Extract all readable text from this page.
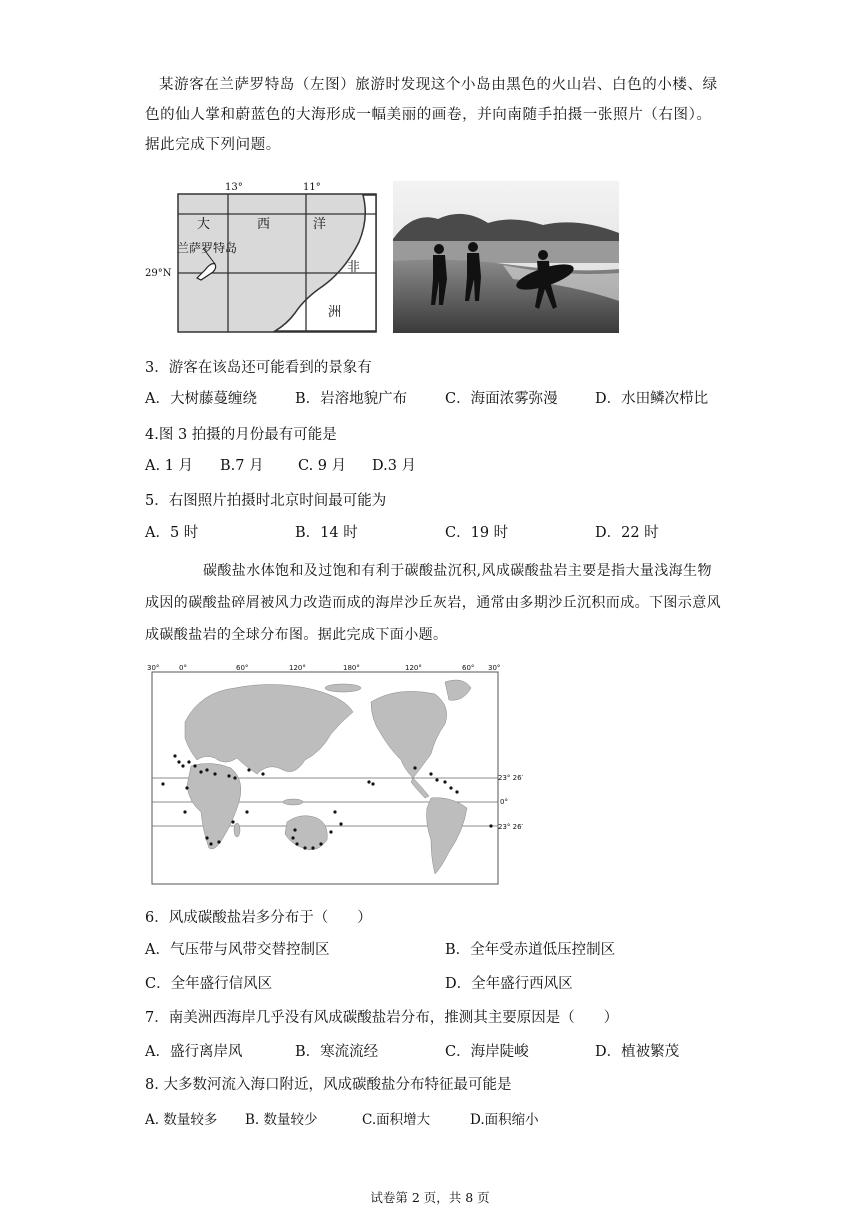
某游客在兰萨罗特岛（左图）旅游时发现这个小岛由黑色的火山岩、白色的小楼、绿色的仙人掌和蔚蓝色的大海形成一幅美丽的画卷，并向南随手拍摄一张照片（右图）。据此完成下列问题。

13°	11°
29°N
大	西	洋
兰萨罗特岛
非
洲
3．游客在该岛还可能看到的景象有
A．大树藤蔓缠绕	B．岩溶地貌广布	C．海面浓雾弥漫	D．水田鳞次栉比
4.图 3 拍摄的月份最有可能是
A. 1 月 B.7 月 C. 9 月 D.3 月
5．右图照片拍摄时北京时间最可能为
A．5 时	B．14 时	C．19 时	D．22 时

碳酸盐水体饱和及过饱和有利于碳酸盐沉积,风成碳酸盐岩主要是指大量浅海生物成因的碳酸盐碎屑被风力改造而成的海岸沙丘灰岩，通常由多期沙丘沉积而成。下图示意风成碳酸盐岩的全球分布图。据此完成下面小题。

30°	0°	60°	120°	180°	120°	60° 30°
23° 26′
0°
23° 26′
6．风成碳酸盐岩多分布于（　　）
A．气压带与风带交替控制区	B．全年受赤道低压控制区
C．全年盛行信风区	D．全年盛行西风区
7．南美洲西海岸几乎没有风成碳酸盐岩分布，推测其主要原因是（　　）
A．盛行离岸风	B．寒流流经	C．海岸陡峻	D．植被繁茂
8. 大多数河流入海口附近，风成碳酸盐分布特征最可能是
A. 数量较多 B. 数量较少	C.面积增大	D.面积缩小
试卷第 2 页，共 8 页
